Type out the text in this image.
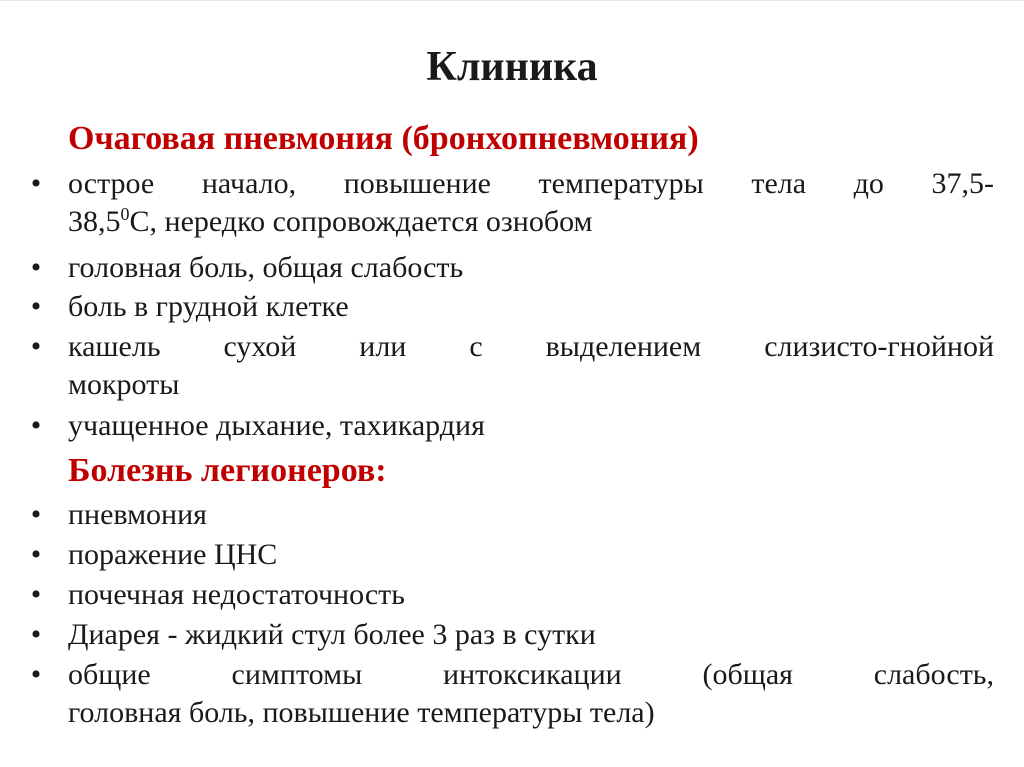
Клиника
Очаговая пневмония (бронхопневмония)
• острое начало, повышение температуры тела до 37,5-
38,5$^0$С, нередко сопровождается ознобом
• головная боль, общая слабость
• боль в грудной клетке
• кашель сухой или с выделением слизисто-гнойной
мокроты
• учащенное дыхание, тахикардия
Болезнь легионеров:
• пневмония
• поражение ЦНС
• почечная недостаточность
• Диарея - жидкий стул более 3 раз в сутки
• общие симптомы интоксикации (общая слабость,
головная боль, повышение температуры тела)
